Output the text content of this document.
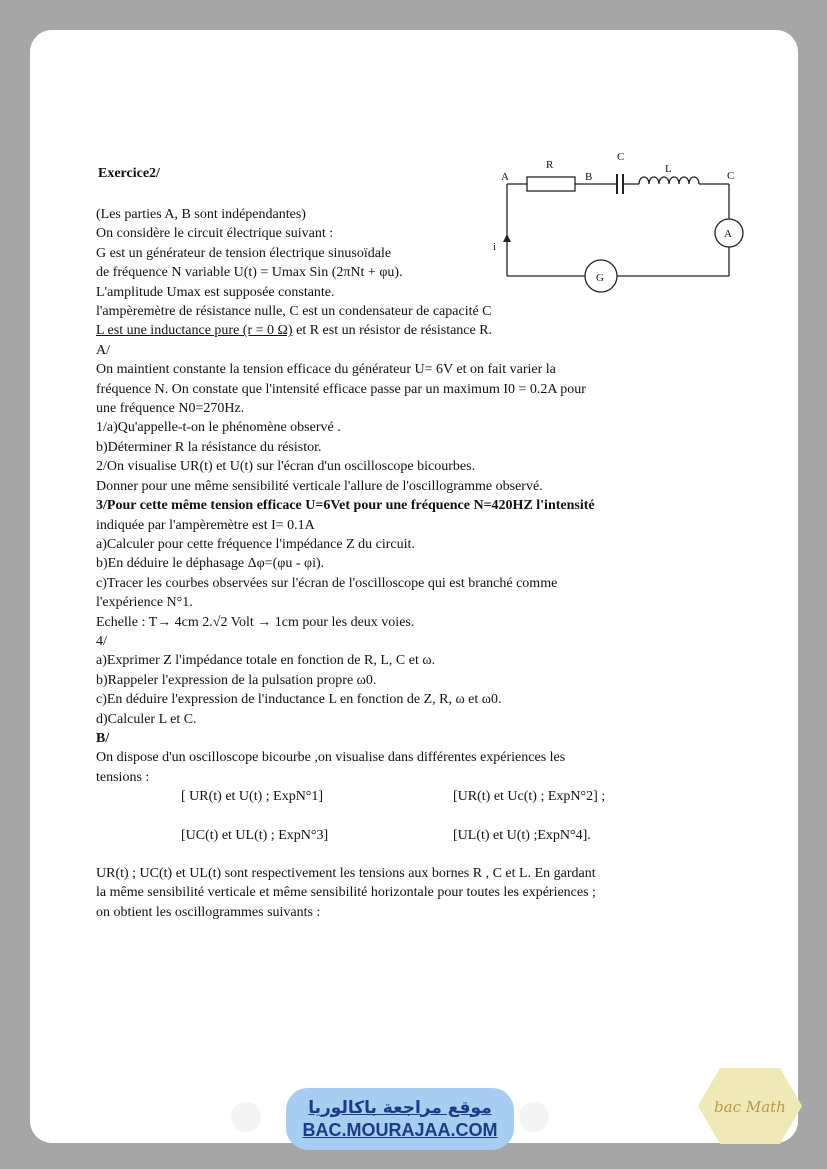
Exercice2/	A
R
B
C
L
C
A
G
i
(Les parties A, B sont indépendantes)
On considère le circuit électrique suivant :
G est un générateur de tension électrique sinusoïdale
de fréquence N variable U(t) = Umax Sin (2πNt + φu).
L'amplitude Umax est supposée constante.
l'ampèremètre de résistance nulle, C est un condensateur de capacité C
L est une inductance pure (r = 0 Ω) et R est un résistor de résistance R.
A/
On maintient constante la tension efficace du générateur U= 6V et on fait varier la
fréquence N. On constate que l'intensité efficace passe par un maximum I0 = 0.2A pour
une fréquence N0=270Hz.
1/a)Qu'appelle-t-on le phénomène observé .
b)Déterminer R la résistance du résistor.
2/On visualise UR(t) et U(t) sur l'écran d'un oscilloscope bicourbes.
Donner pour une même sensibilité verticale l'allure de l'oscillogramme observé.
3/Pour cette même tension efficace U=6Vet pour une fréquence N=420HZ l'intensité
indiquée par l'ampèremètre est I= 0.1A
a)Calculer pour cette fréquence l'impédance Z du circuit.
b)En déduire le déphasage Δφ=(φu - φi).
c)Tracer les courbes observées sur l'écran de l'oscilloscope qui est branché comme
l'expérience N°1.
Echelle : T→ 4cm 2.√2 Volt → 1cm pour les deux voies.
4/
a)Exprimer Z l'impédance totale en fonction de R, L, C et ω.
b)Rappeler l'expression de la pulsation propre ω0.
c)En déduire l'expression de l'inductance L en fonction de Z, R, ω et ω0.
d)Calculer L et C.
B/
On dispose d'un oscilloscope bicourbe ,on visualise dans différentes expériences les
tensions :
[ UR(t) et U(t) ; ExpN°1]	[UR(t) et Uc(t) ; ExpN°2] ;
[UC(t) et UL(t) ; ExpN°3]	[UL(t) et U(t) ;ExpN°4].
UR(t) ; UC(t) et UL(t) sont respectivement les tensions aux bornes R , C et L. En gardant
la même sensibilité verticale et même sensibilité horizontale pour toutes les expériences ;
on obtient les oscillogrammes suivants :
موقع مراجعة باكالوريا
BAC.MOURAJAA.COM
bac Math
